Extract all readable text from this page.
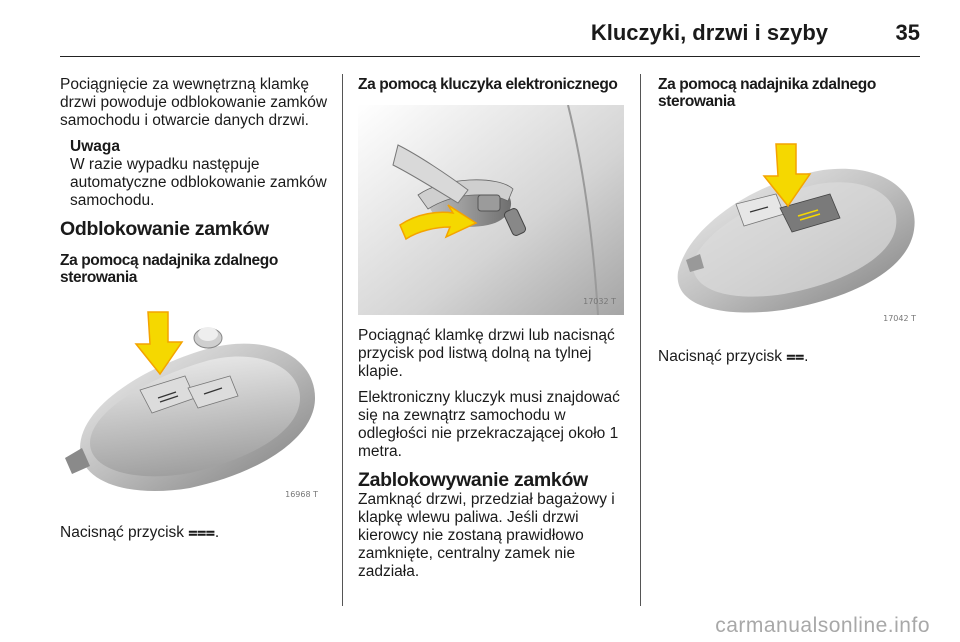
Kluczyki, drzwi i szyby	35

Pociągnięcie za wewnętrzną klamkę drzwi powoduje odblokowanie zamków samochodu i otwarcie danych drzwi.

Uwaga
W razie wypadku następuje automatyczne odblokowanie zamków samochodu.
Odblokowanie zamków
Za pomocą nadajnika zdalnego sterowania
16968 T

Nacisnąć przycisk ⩶.

Za pomocą kluczyka elektronicznego
17032 T

Pociągnąć klamkę drzwi lub nacisnąć przycisk pod listwą dolną na tylnej klapie.

Elektroniczny kluczyk musi znajdować się na zewnątrz samochodu w odległości nie przekraczającej około 1 metra.

Zablokowywanie zamków

Zamknąć drzwi, przedział bagażowy i klapkę wlewu paliwa. Jeśli drzwi kierowcy nie zostaną prawidłowo zamknięte, centralny zamek nie zadziała.

Za pomocą nadajnika zdalnego sterowania
17042 T

Nacisnąć przycisk ⩵.

carmanualsonline.info
